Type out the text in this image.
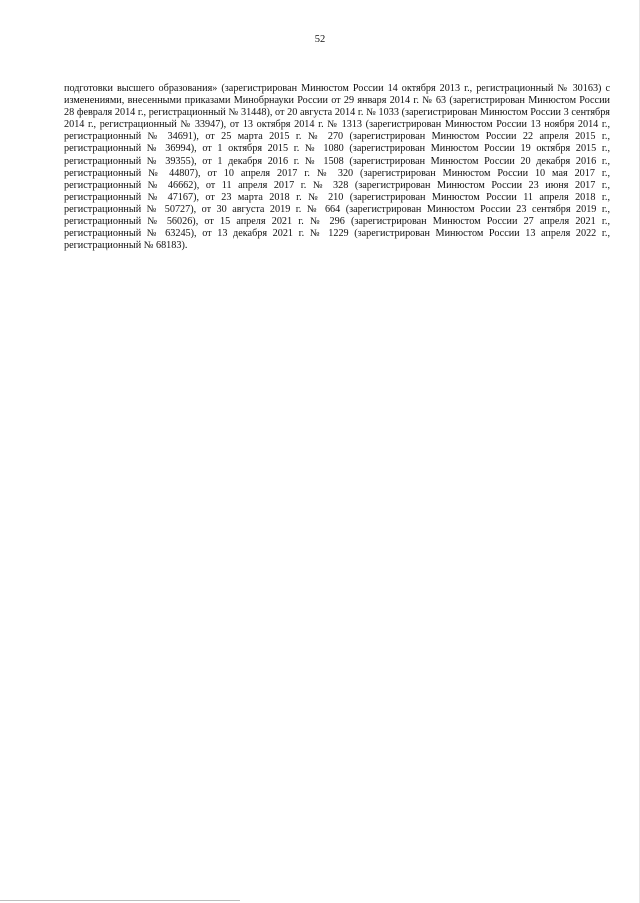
52

подготовки высшего образования» (зарегистрирован Минюстом России 14 октября 2013 г., регистрационный № 30163) с изменениями, внесенными приказами Минобрнауки России от 29 января 2014 г. № 63 (зарегистрирован Минюстом России 28 февраля 2014 г., регистрационный № 31448), от 20 августа 2014 г. № 1033 (зарегистрирован Минюстом России 3 сентября 2014 г., регистрационный № 33947), от 13 октября 2014 г. № 1313 (зарегистрирован Минюстом России 13 ноября 2014 г., регистрационный № 34691), от 25 марта 2015 г. № 270 (зарегистрирован Минюстом России 22 апреля 2015 г., регистрационный № 36994), от 1 октября 2015 г. № 1080 (зарегистрирован Минюстом России 19 октября 2015 г., регистрационный № 39355), от 1 декабря 2016 г. № 1508 (зарегистрирован Минюстом России 20 декабря 2016 г., регистрационный № 44807), от 10 апреля 2017 г. № 320 (зарегистрирован Минюстом России 10 мая 2017 г., регистрационный № 46662), от 11 апреля 2017 г. № 328 (зарегистрирован Минюстом России 23 июня 2017 г., регистрационный № 47167), от 23 марта 2018 г. № 210 (зарегистрирован Минюстом России 11 апреля 2018 г., регистрационный № 50727), от 30 августа 2019 г. № 664 (зарегистрирован Минюстом России 23 сентября 2019 г., регистрационный № 56026), от 15 апреля 2021 г. № 296 (зарегистрирован Минюстом России 27 апреля 2021 г., регистрационный № 63245), от 13 декабря 2021 г. № 1229 (зарегистрирован Минюстом России 13 апреля 2022 г., регистрационный № 68183).
